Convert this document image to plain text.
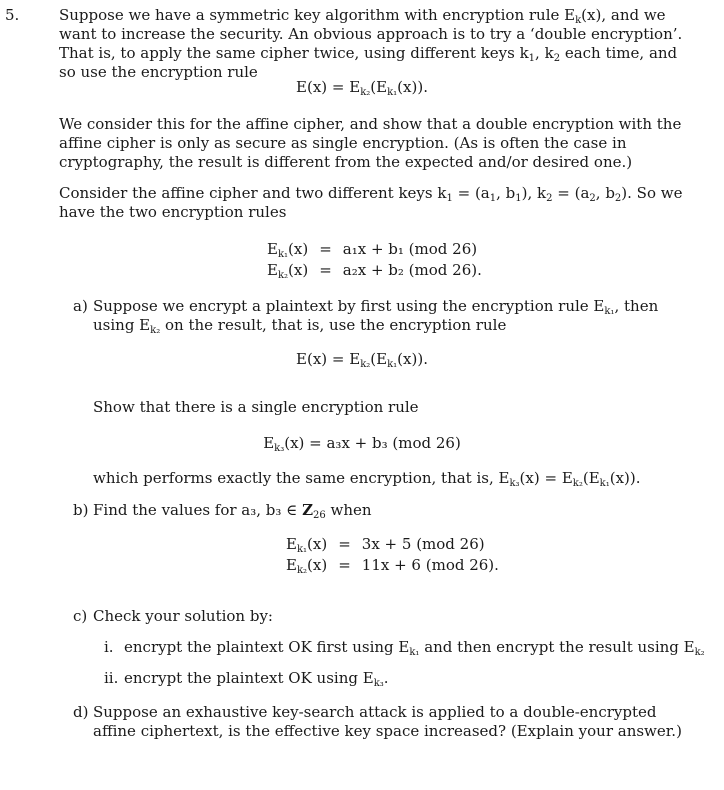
5.	Suppose we have a symmetric key algorithm with encryption rule $E_k(x)$, and we want to increase the security. An obvious approach is to try a ‘double encryption’. That is, to apply the same cipher twice, using different keys $k_1$, $k_2$ each time, and so use the encryption rule
$E(x) = E_{k_2}(E_{k_1}(x))$.
We consider this for the affine cipher, and show that a double encryption with the affine cipher is only as secure as single encryption. (As is often the case in cryptography, the result is different from the expected and/or desired one.)
Consider the affine cipher and two different keys $k_1 = (a_1$, $b_1$), $k_2 = (a_2$, $b_2$). So we have the two encryption rules
$E_{k_1}(x)$	=	a₁x + b₁ (mod 26)
$E_{k_2}(x)$	=	a₂x + b₂ (mod 26).
a) Suppose we encrypt a plaintext by first using the encryption rule $E_{k_1}$, then using $E_{k_2}$ on the result, that is, use the encryption rule
$E(x) = E_{k_2}(E_{k_1}(x))$.
Show that there is a single encryption rule
$E_{k_3}(x) = a_3x + b_3$ (mod 26)
which performs exactly the same encryption, that is, $E_{k_3}(x) = E_{k_2}(E_{k_1}(x))$.
b) Find the values for a₃, b₃ ∈ $Z_{26}$ when
$E_{k_1}(x)$	=	3x + 5 (mod 26)
$E_{k_2}(x)$	=	11x + 6 (mod 26).
c) Check your solution by:
i. encrypt the plaintext OK first using $E_{k_1}$ and then encrypt the result using $E_{k_2}$
ii. encrypt the plaintext OK using $E_{k_3}$.
d) Suppose an exhaustive key-search attack is applied to a double-encrypted affine ciphertext, is the effective key space increased? (Explain your answer.)
